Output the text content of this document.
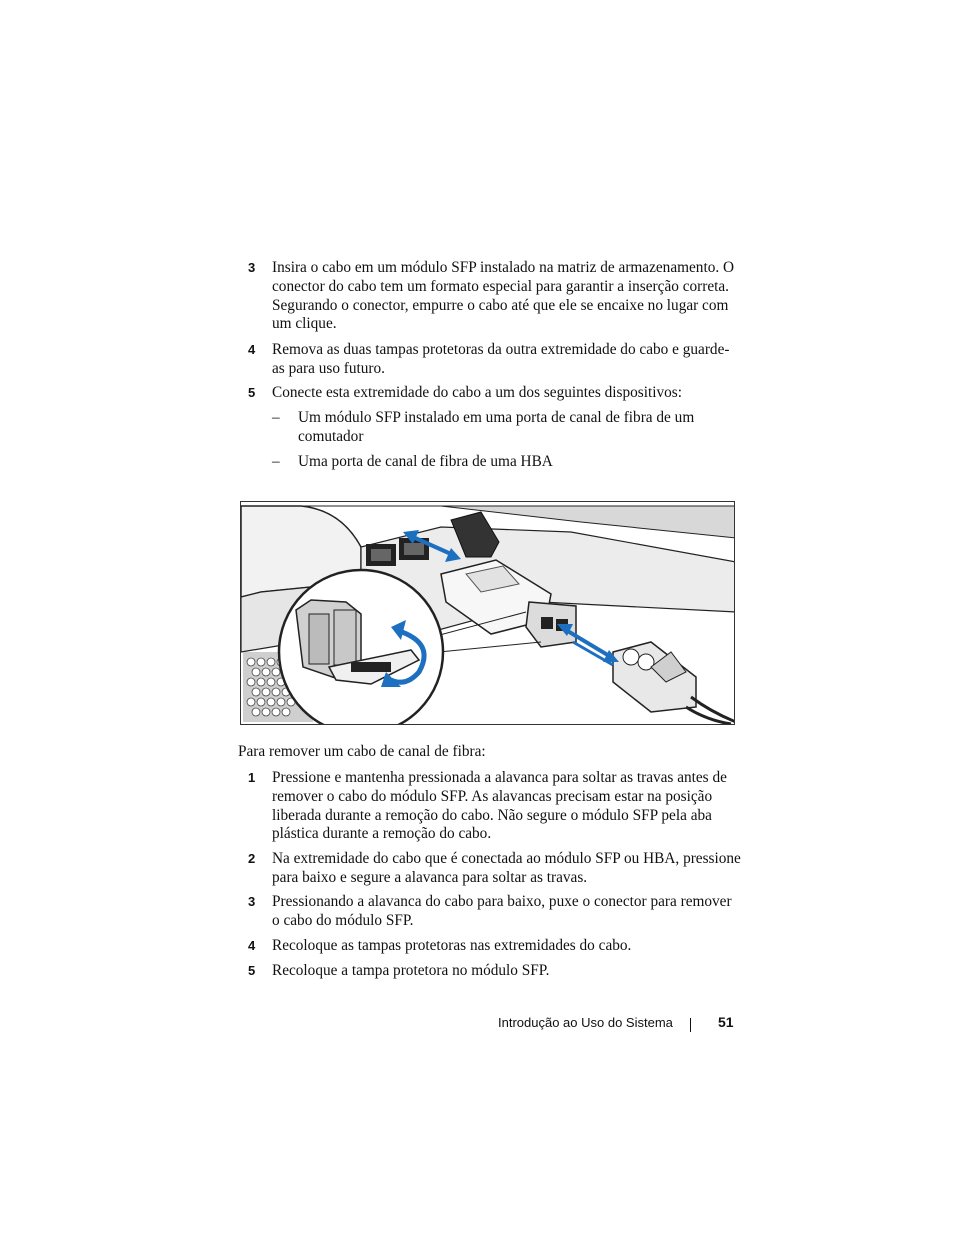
3 Insira o cabo em um módulo SFP instalado na matriz de armazenamento. O conector do cabo tem um formato especial para garantir a inserção correta. Segurando o conector, empurre o cabo até que ele se encaixe no lugar com um clique.
4 Remova as duas tampas protetoras da outra extremidade do cabo e guarde-as para uso futuro.
5 Conecte esta extremidade do cabo a um dos seguintes dispositivos:
– Um módulo SFP instalado em uma porta de canal de fibra de um comutador
– Uma porta de canal de fibra de uma HBA
Para remover um cabo de canal de fibra:
1 Pressione e mantenha pressionada a alavanca para soltar as travas antes de remover o cabo do módulo SFP. As alavancas precisam estar na posição liberada durante a remoção do cabo. Não segure o módulo SFP pela aba plástica durante a remoção do cabo.
2 Na extremidade do cabo que é conectada ao módulo SFP ou HBA, pressione para baixo e segure a alavanca para soltar as travas.
3 Pressionando a alavanca do cabo para baixo, puxe o conector para remover o cabo do módulo SFP.
4 Recoloque as tampas protetoras nas extremidades do cabo.
5 Recoloque a tampa protetora no módulo SFP.
Introdução ao Uso do Sistema	51
